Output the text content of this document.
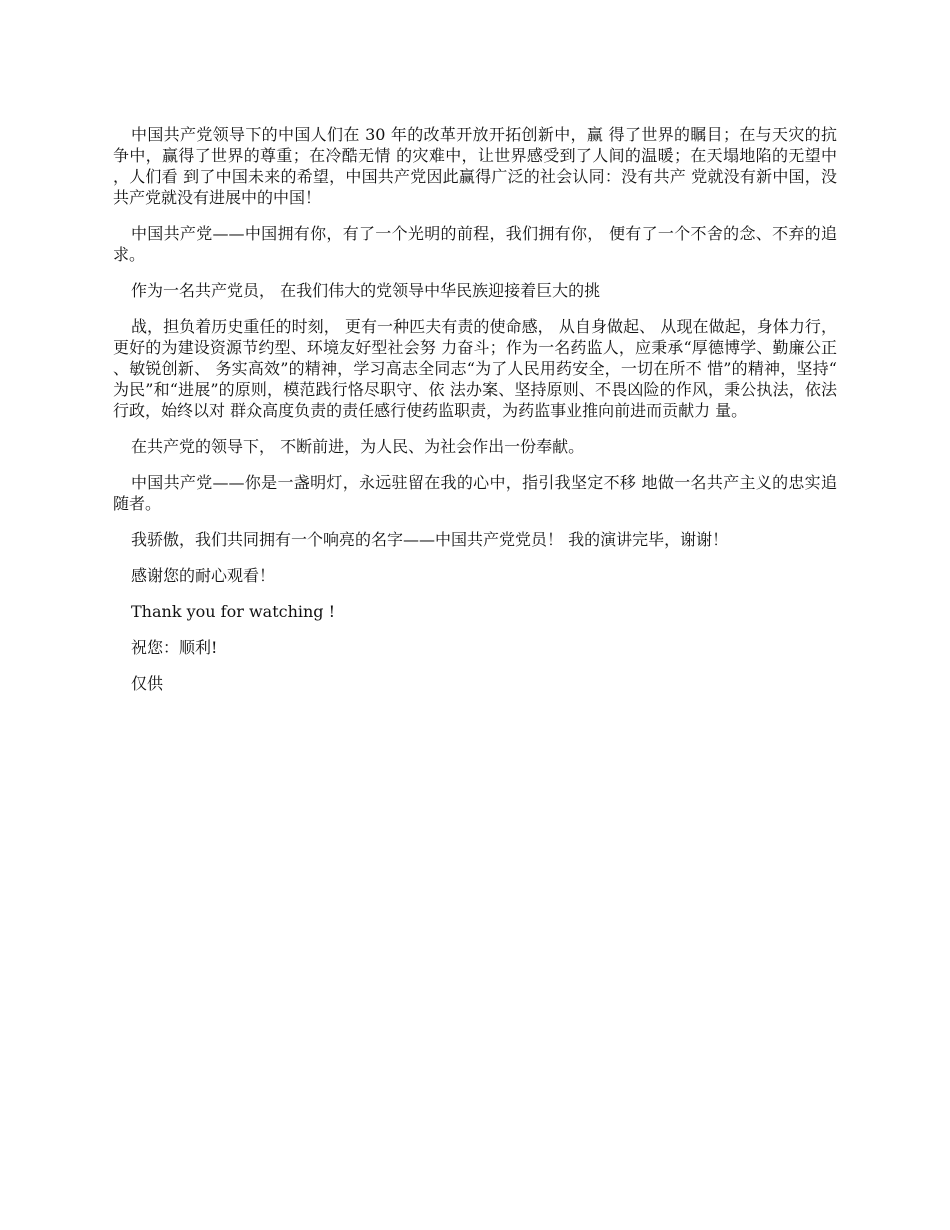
中国共产党领导下的中国人们在 30 年的改革开放开拓创新中，赢 得了世界的瞩目；在与天灾的抗争中，赢得了世界的尊重；在冷酷无情 的灾难中，让世界感受到了人间的温暖；在天塌地陷的无望中，人们看 到了中国未来的希望，中国共产党因此赢得广泛的社会认同：没有共产 党就没有新中国，没共产党就没有进展中的中国！

中国共产党——中国拥有你，有了一个光明的前程，我们拥有你， 便有了一个不舍的念、不弃的追求。

作为一名共产党员， 在我们伟大的党领导中华民族迎接着巨大的挑

战，担负着历史重任的时刻， 更有一种匹夫有责的使命感， 从自身做起、 从现在做起，身体力行，更好的为建设资源节约型、环境友好型社会努 力奋斗；作为一名药监人，应秉承“厚德博学、勤廉公正、敏锐创新、 务实高效”的精神，学习高志全同志“为了人民用药安全，一切在所不 惜”的精神，坚持“为民”和“进展”的原则，模范践行恪尽职守、依 法办案、坚持原则、不畏凶险的作风，秉公执法，依法行政，始终以对 群众高度负责的责任感行使药监职责，为药监事业推向前进而贡献力 量。

在共产党的领导下， 不断前进，为人民、为社会作出一份奉献。

中国共产党——你是一盏明灯，永远驻留在我的心中，指引我坚定不移 地做一名共产主义的忠实追随者。

我骄傲，我们共同拥有一个响亮的名字——中国共产党党员！ 我的演讲完毕，谢谢！

感谢您的耐心观看！

Thank you for watching !

祝您：顺利!

仅供
